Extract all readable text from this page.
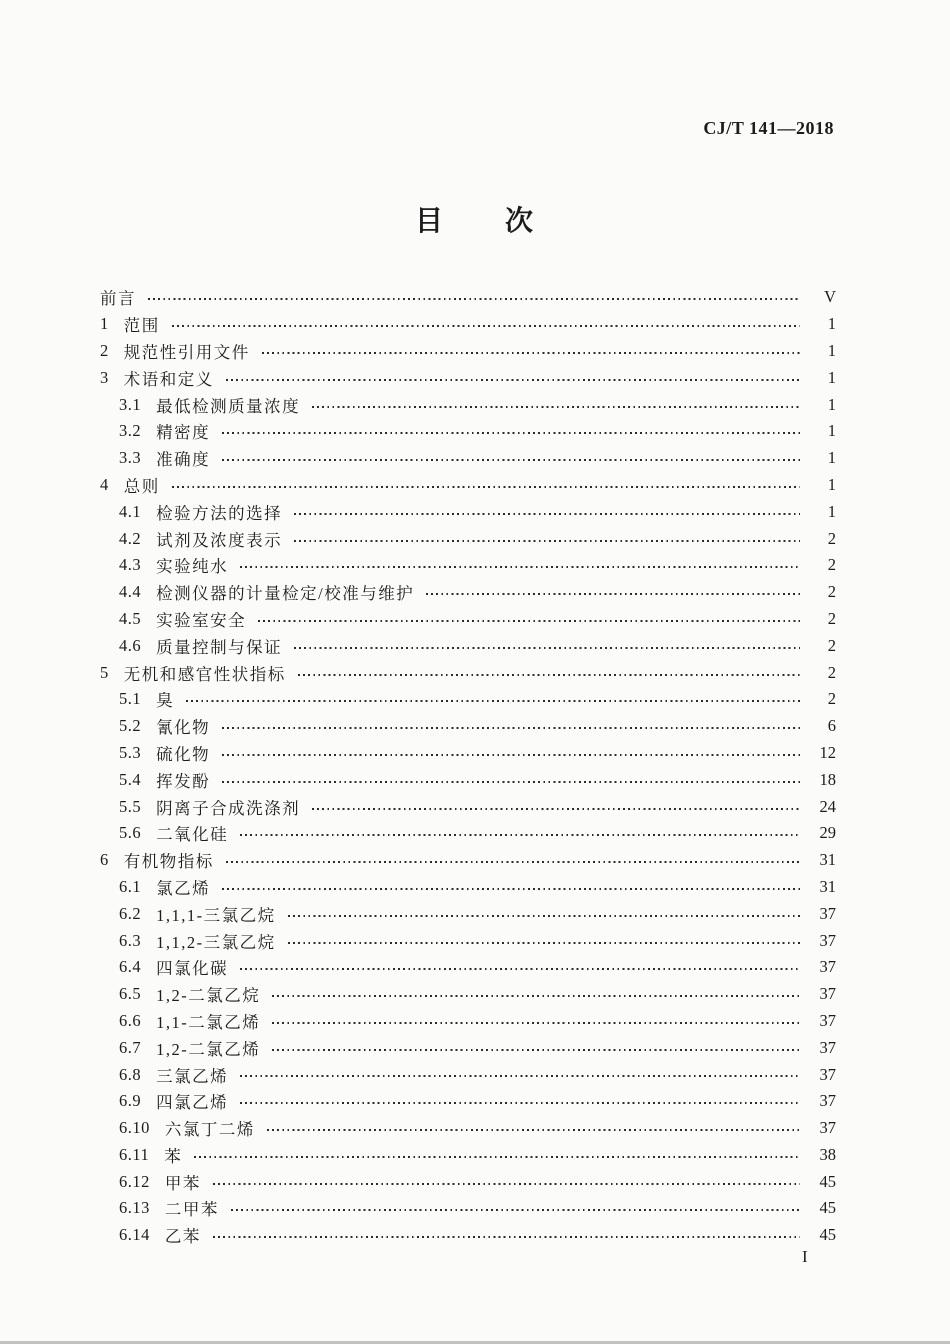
CJ/T 141—2018
目　　次
前言	V
1 范围	1
2 规范性引用文件	1
3 术语和定义	1
3.1 最低检测质量浓度	1
3.2 精密度	1
3.3 准确度	1
4 总则	1
4.1 检验方法的选择	1
4.2 试剂及浓度表示	2
4.3 实验纯水	2
4.4 检测仪器的计量检定/校准与维护	2
4.5 实验室安全	2
4.6 质量控制与保证	2
5 无机和感官性状指标	2
5.1 臭	2
5.2 氰化物	6
5.3 硫化物	12
5.4 挥发酚	18
5.5 阴离子合成洗涤剂	24
5.6 二氧化硅	29
6 有机物指标	31
6.1 氯乙烯	31
6.2 1,1,1-三氯乙烷	37
6.3 1,1,2-三氯乙烷	37
6.4 四氯化碳	37
6.5 1,2-二氯乙烷	37
6.6 1,1-二氯乙烯	37
6.7 1,2-二氯乙烯	37
6.8 三氯乙烯	37
6.9 四氯乙烯	37
6.10 六氯丁二烯	37
6.11 苯	38
6.12 甲苯	45
6.13 二甲苯	45
6.14 乙苯	45
I
